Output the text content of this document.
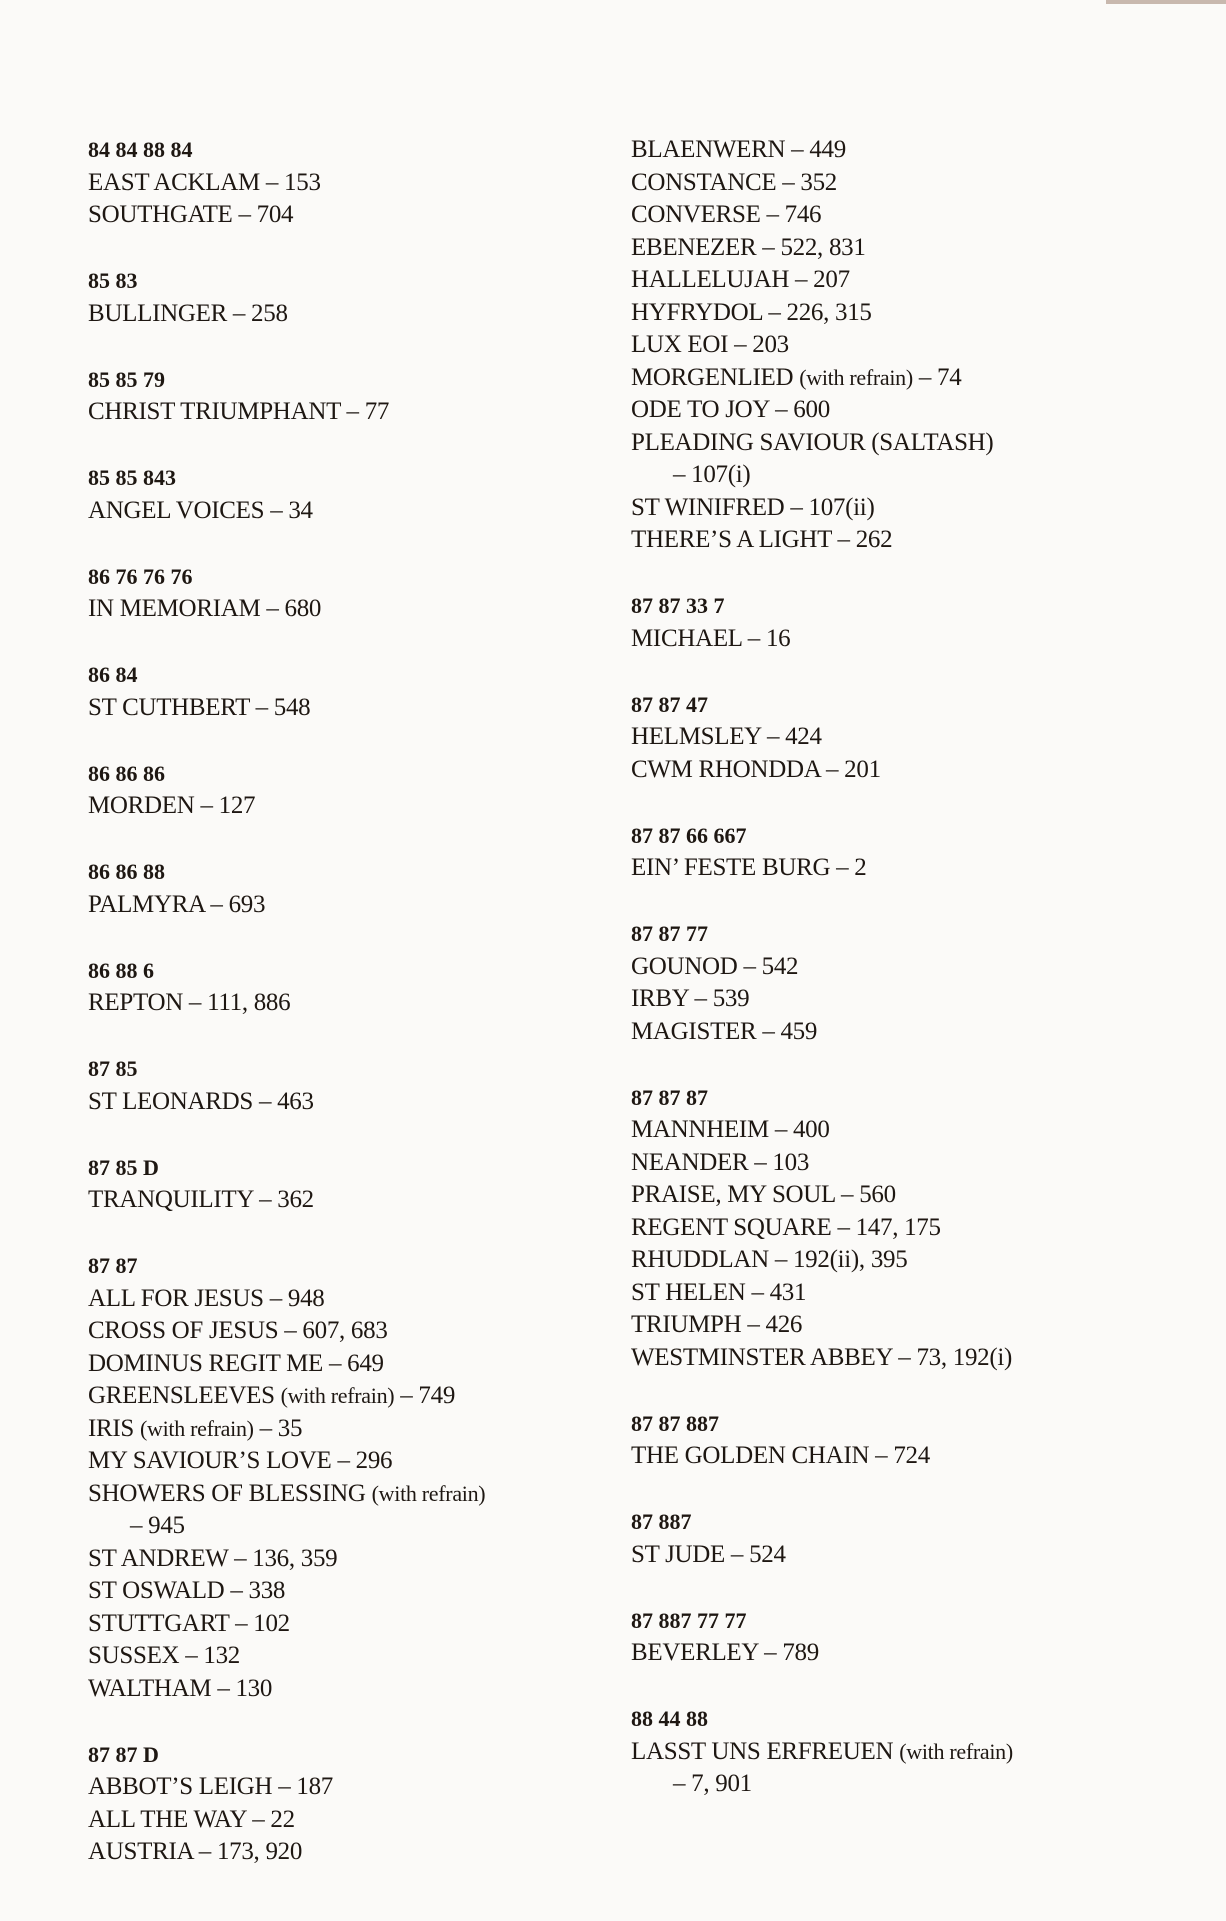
84 84 88 84
EAST ACKLAM – 153
SOUTHGATE – 704
85 83
BULLINGER – 258
85 85 79
CHRIST TRIUMPHANT – 77
85 85 843
ANGEL VOICES – 34
86 76 76 76
IN MEMORIAM – 680
86 84
ST CUTHBERT – 548
86 86 86
MORDEN – 127
86 86 88
PALMYRA – 693
86 88 6
REPTON – 111, 886
87 85
ST LEONARDS – 463
87 85 D
TRANQUILITY – 362
87 87
ALL FOR JESUS – 948
CROSS OF JESUS – 607, 683
DOMINUS REGIT ME – 649
GREENSLEEVES (with refrain) – 749
IRIS (with refrain) – 35
MY SAVIOUR’S LOVE – 296
SHOWERS OF BLESSING (with refrain)
– 945
ST ANDREW – 136, 359
ST OSWALD – 338
STUTTGART – 102
SUSSEX – 132
WALTHAM – 130
87 87 D
ABBOT’S LEIGH – 187
ALL THE WAY – 22
AUSTRIA – 173, 920
BLAENWERN – 449
CONSTANCE – 352
CONVERSE – 746
EBENEZER – 522, 831
HALLELUJAH – 207
HYFRYDOL – 226, 315
LUX EOI – 203
MORGENLIED (with refrain) – 74
ODE TO JOY – 600
PLEADING SAVIOUR (SALTASH)
– 107(i)
ST WINIFRED – 107(ii)
THERE’S A LIGHT – 262
87 87 33 7
MICHAEL – 16
87 87 47
HELMSLEY – 424
CWM RHONDDA – 201
87 87 66 667
EIN’ FESTE BURG – 2
87 87 77
GOUNOD – 542
IRBY – 539
MAGISTER – 459
87 87 87
MANNHEIM – 400
NEANDER – 103
PRAISE, MY SOUL – 560
REGENT SQUARE – 147, 175
RHUDDLAN – 192(ii), 395
ST HELEN – 431
TRIUMPH – 426
WESTMINSTER ABBEY – 73, 192(i)
87 87 887
THE GOLDEN CHAIN – 724
87 887
ST JUDE – 524
87 887 77 77
BEVERLEY – 789
88 44 88
LASST UNS ERFREUEN (with refrain)
– 7, 901
